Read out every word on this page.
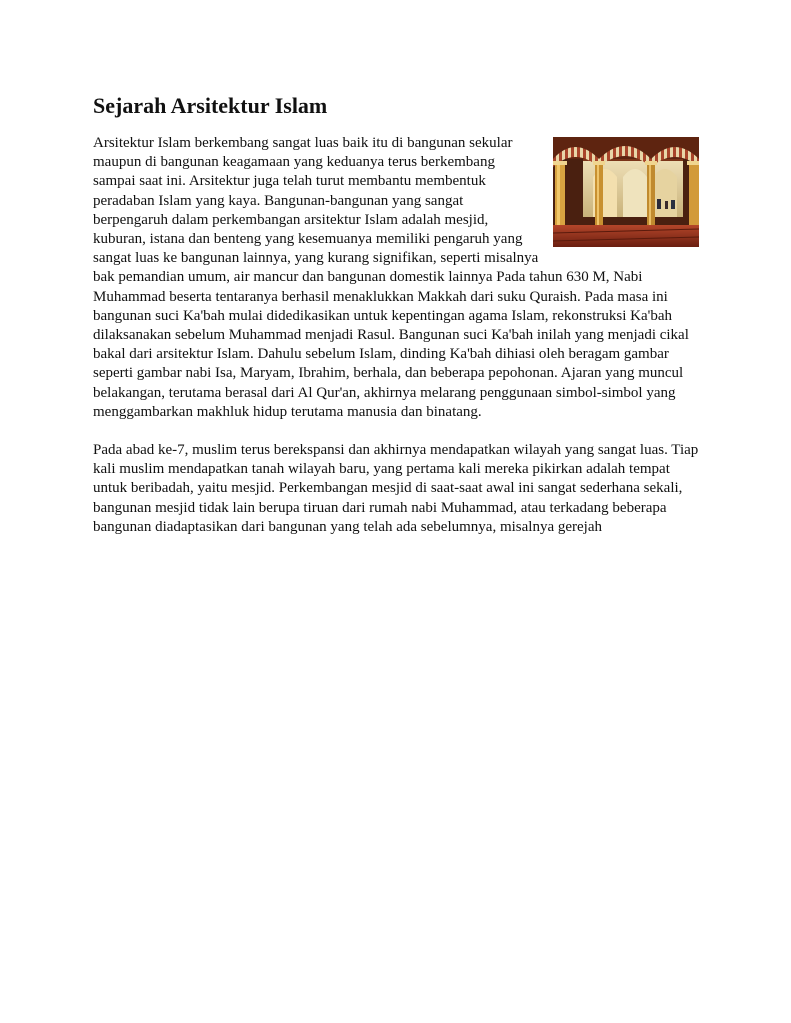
Sejarah Arsitektur Islam

Arsitektur Islam berkembang sangat luas baik itu di bangunan sekular maupun di bangunan keagamaan yang keduanya terus berkembang sampai saat ini. Arsitektur juga telah turut membantu membentuk peradaban Islam yang kaya. Bangunan-bangunan yang sangat berpengaruh dalam perkembangan arsitektur Islam adalah mesjid, kuburan, istana dan benteng yang kesemuanya memiliki pengaruh yang sangat luas ke bangunan lainnya, yang kurang signifikan, seperti misalnya bak pemandian umum, air mancur dan bangunan domestik lainnya Pada tahun 630 M, Nabi Muhammad beserta tentaranya berhasil menaklukkan Makkah dari suku Quraish. Pada masa ini bangunan suci Ka'bah mulai didedikasikan untuk kepentingan agama Islam, rekonstruksi Ka'bah dilaksanakan sebelum Muhammad menjadi Rasul. Bangunan suci Ka'bah inilah yang menjadi cikal bakal dari arsitektur Islam. Dahulu sebelum Islam, dinding Ka'bah dihiasi oleh beragam gambar seperti gambar nabi Isa, Maryam, Ibrahim, berhala, dan beberapa pepohonan. Ajaran yang muncul belakangan, terutama berasal dari Al Qur'an, akhirnya melarang penggunaan simbol-simbol yang menggambarkan makhluk hidup terutama manusia dan binatang.

Pada abad ke-7, muslim terus berekspansi dan akhirnya mendapatkan wilayah yang sangat luas. Tiap kali muslim mendapatkan tanah wilayah baru, yang pertama kali mereka pikirkan adalah tempat untuk beribadah, yaitu mesjid. Perkembangan mesjid di saat-saat awal ini sangat sederhana sekali, bangunan mesjid tidak lain berupa tiruan dari rumah nabi Muhammad, atau terkadang beberapa bangunan diadaptasikan dari bangunan yang telah ada sebelumnya, misalnya gerejah
